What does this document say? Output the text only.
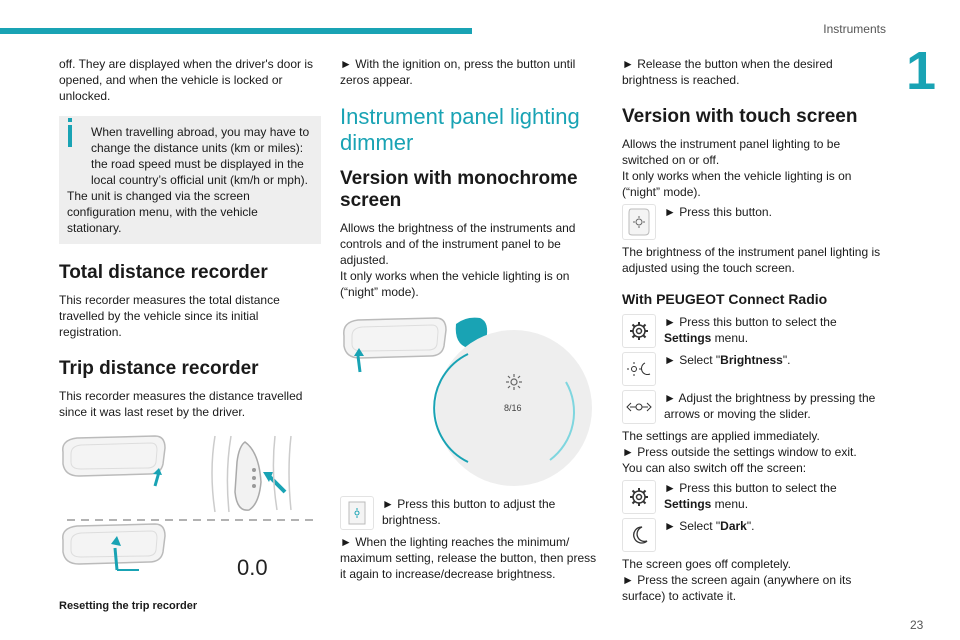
Instruments
1

off. They are displayed when the driver's door is opened, and when the vehicle is locked or unlocked.

When travelling abroad, you may have to change the distance units (km or miles): the road speed must be displayed in the local country’s official unit (km/h or mph).

The unit is changed via the screen configuration menu, with the vehicle stationary.

Total distance recorder

This recorder measures the total distance travelled by the vehicle since its initial registration.

Trip distance recorder

This recorder measures the distance travelled since it was last reset by the driver.

0.0
Resetting the trip recorder

► With the ignition on, press the button until zeros appear.

Instrument panel lighting dimmer
Version with monochrome screen

Allows the brightness of the instruments and controls and of the instrument panel to be adjusted.

It only works when the vehicle lighting is on (“night” mode).

8/16

► Press this button to adjust the brightness.

► When the lighting reaches the minimum/ maximum setting, release the button, then press it again to increase/decrease brightness.

► Release the button when the desired brightness is reached.

Version with touch screen

Allows the instrument panel lighting to be switched on or off.

It only works when the vehicle lighting is on (“night” mode).

► Press this button.

The brightness of the instrument panel lighting is adjusted using the touch screen.

With PEUGEOT Connect Radio

► Press this button to select the Settings menu.

► Select "Brightness".

► Adjust the brightness by pressing the arrows or moving the slider.

The settings are applied immediately.

► Press outside the settings window to exit.

You can also switch off the screen:

► Press this button to select the Settings menu.

► Select "Dark".

The screen goes off completely.

► Press the screen again (anywhere on its surface) to activate it.

23
